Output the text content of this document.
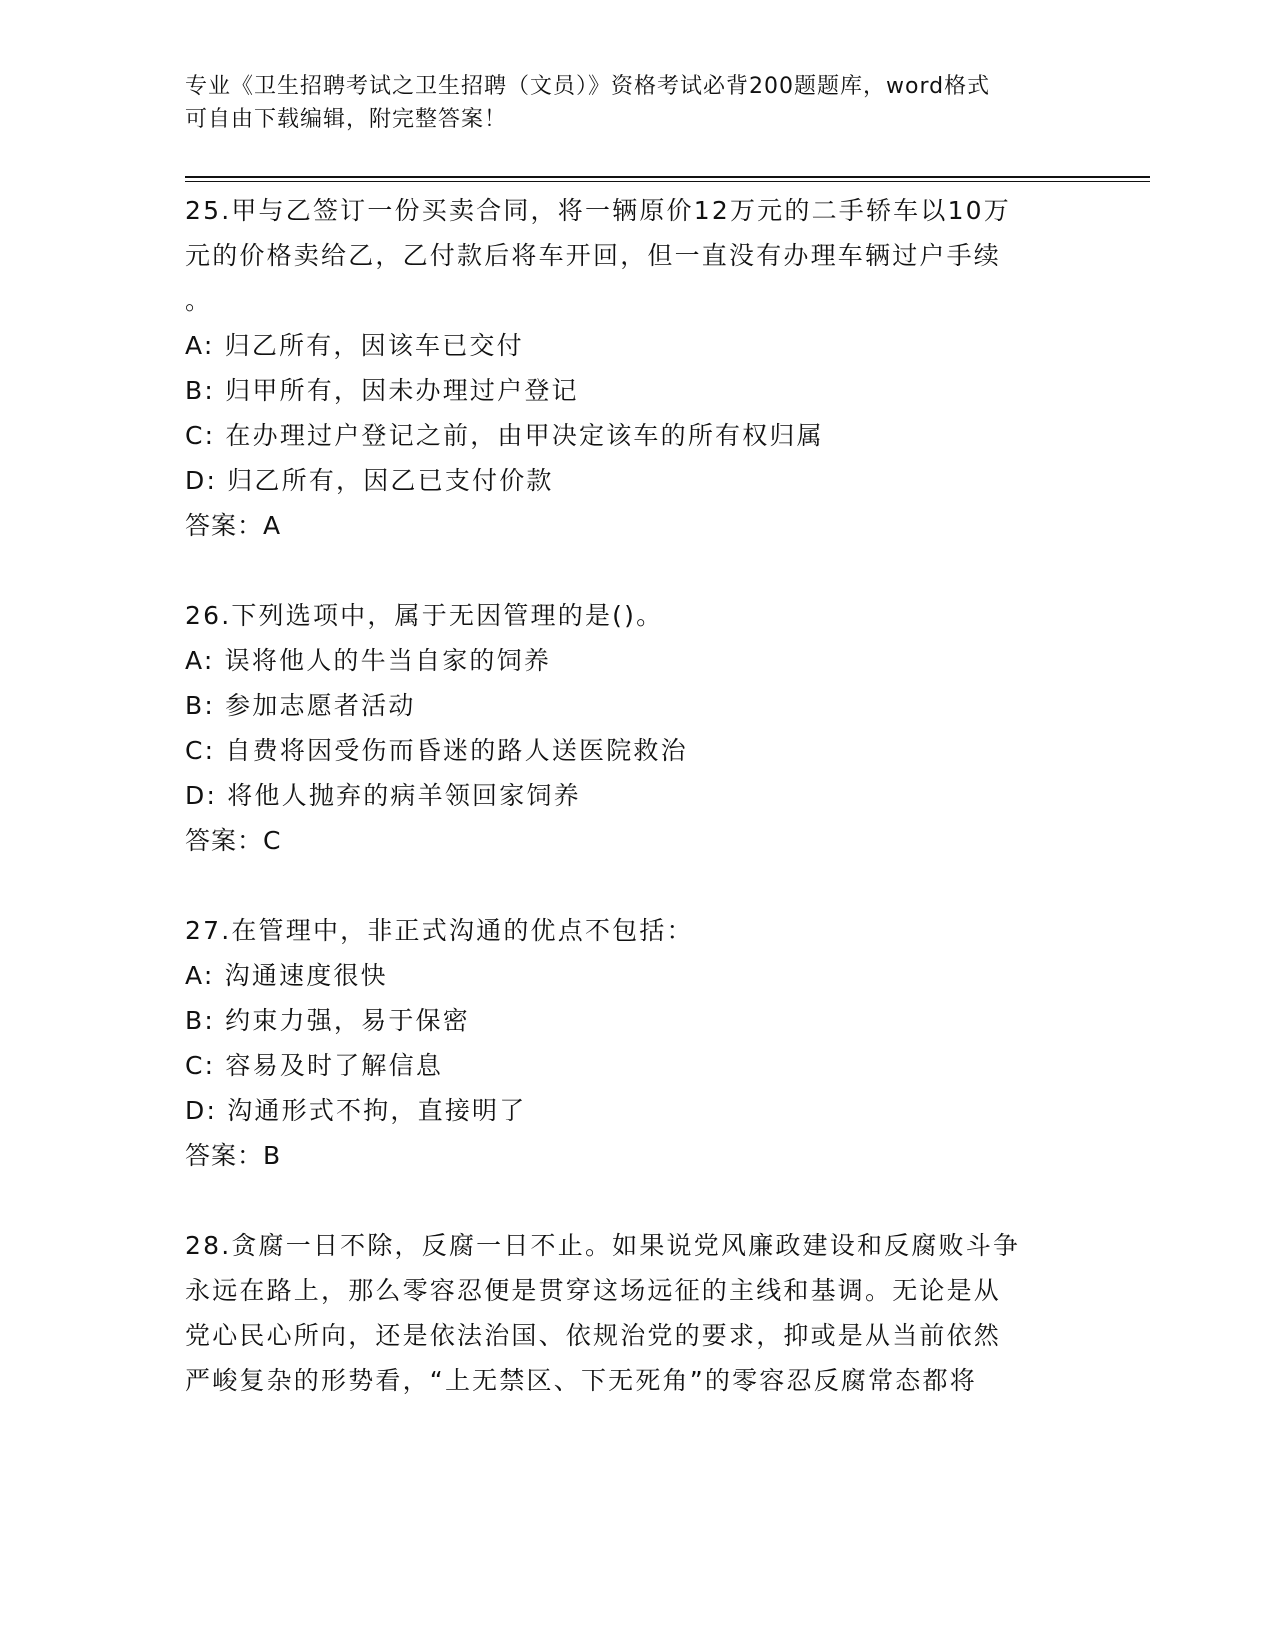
专业《卫生招聘考试之卫生招聘（文员）》资格考试必背200题题库，word格式
可自由下载编辑，附完整答案！

25.甲与乙签订一份买卖合同，将一辆原价12万元的二手轿车以10万

元的价格卖给乙，乙付款后将车开回，但一直没有办理车辆过户手续

。

A: 归乙所有，因该车已交付

B: 归甲所有，因未办理过户登记

C: 在办理过户登记之前，由甲决定该车的所有权归属

D: 归乙所有，因乙已支付价款

答案：A

26.下列选项中，属于无因管理的是()。

A: 误将他人的牛当自家的饲养

B: 参加志愿者活动

C: 自费将因受伤而昏迷的路人送医院救治

D: 将他人抛弃的病羊领回家饲养

答案：C

27.在管理中，非正式沟通的优点不包括：

A: 沟通速度很快

B: 约束力强，易于保密

C: 容易及时了解信息

D: 沟通形式不拘，直接明了

答案：B

28.贪腐一日不除，反腐一日不止。如果说党风廉政建设和反腐败斗争

永远在路上，那么零容忍便是贯穿这场远征的主线和基调。无论是从

党心民心所向，还是依法治国、依规治党的要求，抑或是从当前依然

严峻复杂的形势看，“上无禁区、下无死角”的零容忍反腐常态都将
